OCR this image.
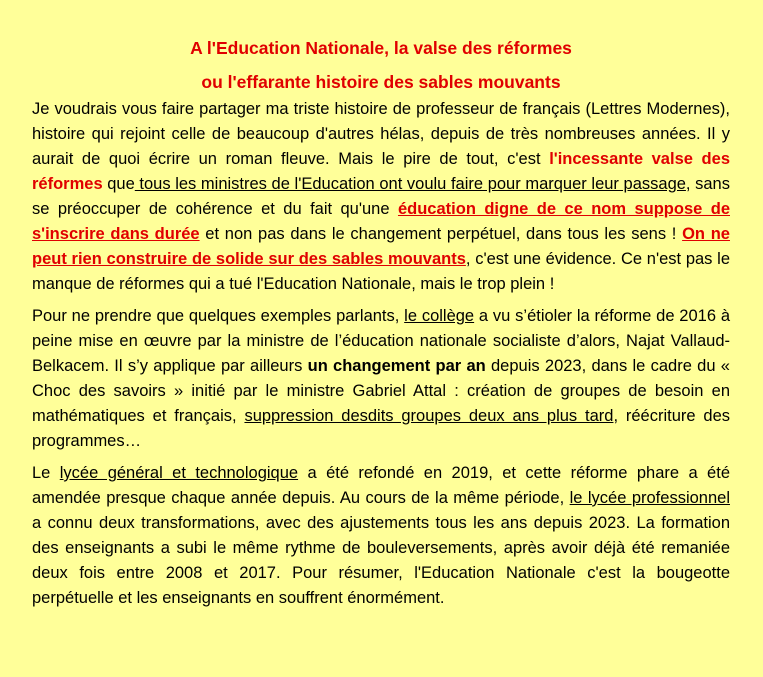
A l'Education Nationale, la valse des réformes
ou l'effarante histoire des sables mouvants

Je voudrais vous faire partager ma triste histoire de professeur de français (Lettres Modernes), histoire qui rejoint celle de beaucoup d'autres hélas, depuis de très nombreuses années. Il y aurait de quoi écrire un roman fleuve. Mais le pire de tout, c'est l'incessante valse des réformes que tous les ministres de l'Education ont voulu faire pour marquer leur passage, sans se préoccuper de cohérence et du fait qu'une éducation digne de ce nom suppose de s'inscrire dans durée et non pas dans le changement perpétuel, dans tous les sens ! On ne peut rien construire de solide sur des sables mouvants, c'est une évidence. Ce n'est pas le manque de réformes qui a tué l'Education Nationale, mais le trop plein !

Pour ne prendre que quelques exemples parlants, le collège a vu s’étioler la réforme de 2016 à peine mise en œuvre par la ministre de l’éducation nationale socialiste d’alors, Najat Vallaud-Belkacem. Il s’y applique par ailleurs un changement par an depuis 2023, dans le cadre du « Choc des savoirs » initié par le ministre Gabriel Attal : création de groupes de besoin en mathématiques et français, suppression desdits groupes deux ans plus tard, réécriture des programmes…

Le lycée général et technologique a été refondé en 2019, et cette réforme phare a été amendée presque chaque année depuis. Au cours de la même période, le lycée professionnel a connu deux transformations, avec des ajustements tous les ans depuis 2023. La formation des enseignants a subi le même rythme de bouleversements, après avoir déjà été remaniée deux fois entre 2008 et 2017. Pour résumer, l'Education Nationale c'est la bougeotte perpétuelle et les enseignants en souffrent énormément.
